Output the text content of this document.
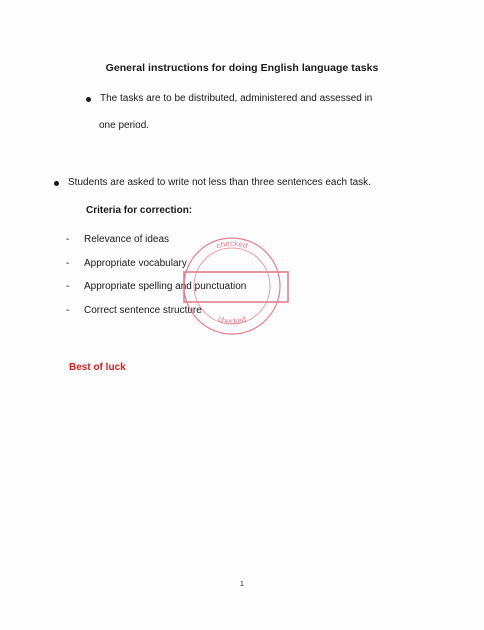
General instructions for doing English language tasks
The tasks are to be distributed, administered and assessed in
one period.
Students are asked to write not less than three sentences each task.
Criteria for correction:
-	Relevance of ideas
-	Appropriate vocabulary
-	Appropriate spelling and punctuation
-	Correct sentence structure
checked
checked
Best of luck
1
